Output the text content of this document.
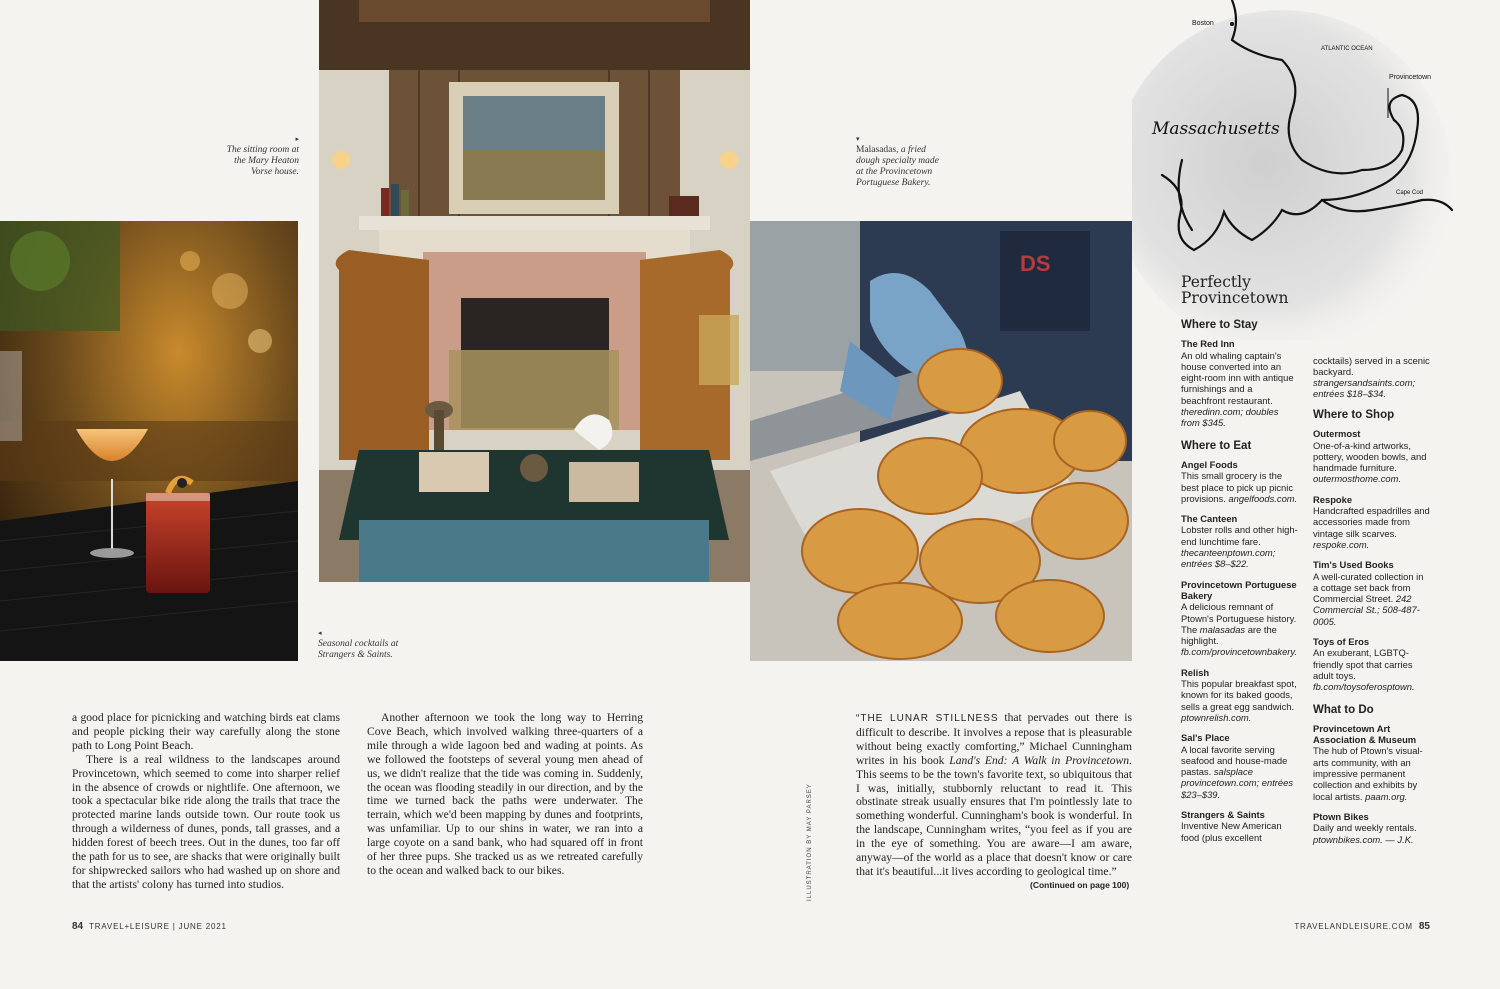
DS
▸
The sitting room at the Mary Heaton Vorse house.
▾
Malasadas, a fried dough specialty made at the Provincetown Portuguese Bakery.
◂
Seasonal cocktails at Strangers & Saints.
ILLUSTRATION BY MAY PARSEY

a good place for picnicking and watching birds eat clams and people picking their way carefully along the stone path to Long Point Beach.

There is a real wildness to the landscapes around Provincetown, which seemed to come into sharper relief in the absence of crowds or nightlife. One afternoon, we took a spectacular bike ride along the trails that trace the protected marine lands outside town. Our route took us through a wilderness of dunes, ponds, tall grasses, and a hidden forest of beech trees. Out in the dunes, too far off the path for us to see, are shacks that were originally built for shipwrecked sailors who had washed up on shore and that the artists' colony has turned into studios.

Another afternoon we took the long way to Herring Cove Beach, which involved walking three-quarters of a mile through a wide lagoon bed and wading at points. As we followed the footsteps of several young men ahead of us, we didn't realize that the tide was coming in. Suddenly, the ocean was flooding steadily in our direction, and by the time we turned back the paths were underwater. The terrain, which we'd been mapping by dunes and footprints, was unfamiliar. Up to our shins in water, we ran into a large coyote on a sand bank, who had squared off in front of her three pups. She tracked us as we retreated carefully to the ocean and walked back to our bikes.

“THE LUNAR STILLNESS that pervades out there is difficult to describe. It involves a repose that is pleasurable without being exactly comforting,” Michael Cunningham writes in his book Land's End: A Walk in Provincetown. This seems to be the town's favorite text, so ubiquitous that I was, initially, stubbornly reluctant to read it. This obstinate streak usually ensures that I'm pointlessly late to something wonderful. Cunningham's book is wonderful. In the landscape, Cunningham writes, “you feel as if you are in the eye of something. You are aware—I am aware, anyway—of the world as a place that doesn't know or care that it's beautiful...it lives according to geological time.”

(Continued on page 100)
84 TRAVEL+LEISURE | JUNE 2021	TRAVELANDLEISURE.COM 85
Massachusetts
Boston
ATLANTIC OCEAN
Provincetown
Cape Cod
Perfectly Provincetown
Where to Stay
The Red Inn

An old whaling captain's house converted into an eight-room inn with antique furnishings and a beachfront restaurant. theredinn.com; doubles from $345.

Where to Eat
Angel Foods

This small grocery is the best place to pick up picnic provisions. angelfoods.com.

The Canteen

Lobster rolls and other high-end lunchtime fare. thecanteenptown.com; entrées $8–$22.

Provincetown Portuguese Bakery

A delicious remnant of Ptown's Portuguese history. The malasadas are the highlight. fb.com/provincetownbakery.

Relish

This popular breakfast spot, known for its baked goods, sells a great egg sandwich. ptownrelish.com.

Sal's Place

A local favorite serving seafood and house-made pastas. salsplace provincetown.com; entrées $23–$39.

Strangers & Saints

Inventive New American food (plus excellent

cocktails) served in a scenic backyard. strangersandsaints.com; entrées $18–$34.

Where to Shop
Outermost

One-of-a-kind artworks, pottery, wooden bowls, and handmade furniture. outermosthome.com.

Respoke

Handcrafted espadrilles and accessories made from vintage silk scarves. respoke.com.

Tim's Used Books

A well-curated collection in a cottage set back from Commercial Street. 242 Commercial St.; 508-487-0005.

Toys of Eros

An exuberant, LGBTQ-friendly spot that carries adult toys. fb.com/toysoferosptown.

What to Do
Provincetown Art Association & Museum

The hub of Ptown's visual-arts community, with an impressive permanent collection and exhibits by local artists. paam.org.

Ptown Bikes

Daily and weekly rentals. ptownbikes.com. — J.K.
